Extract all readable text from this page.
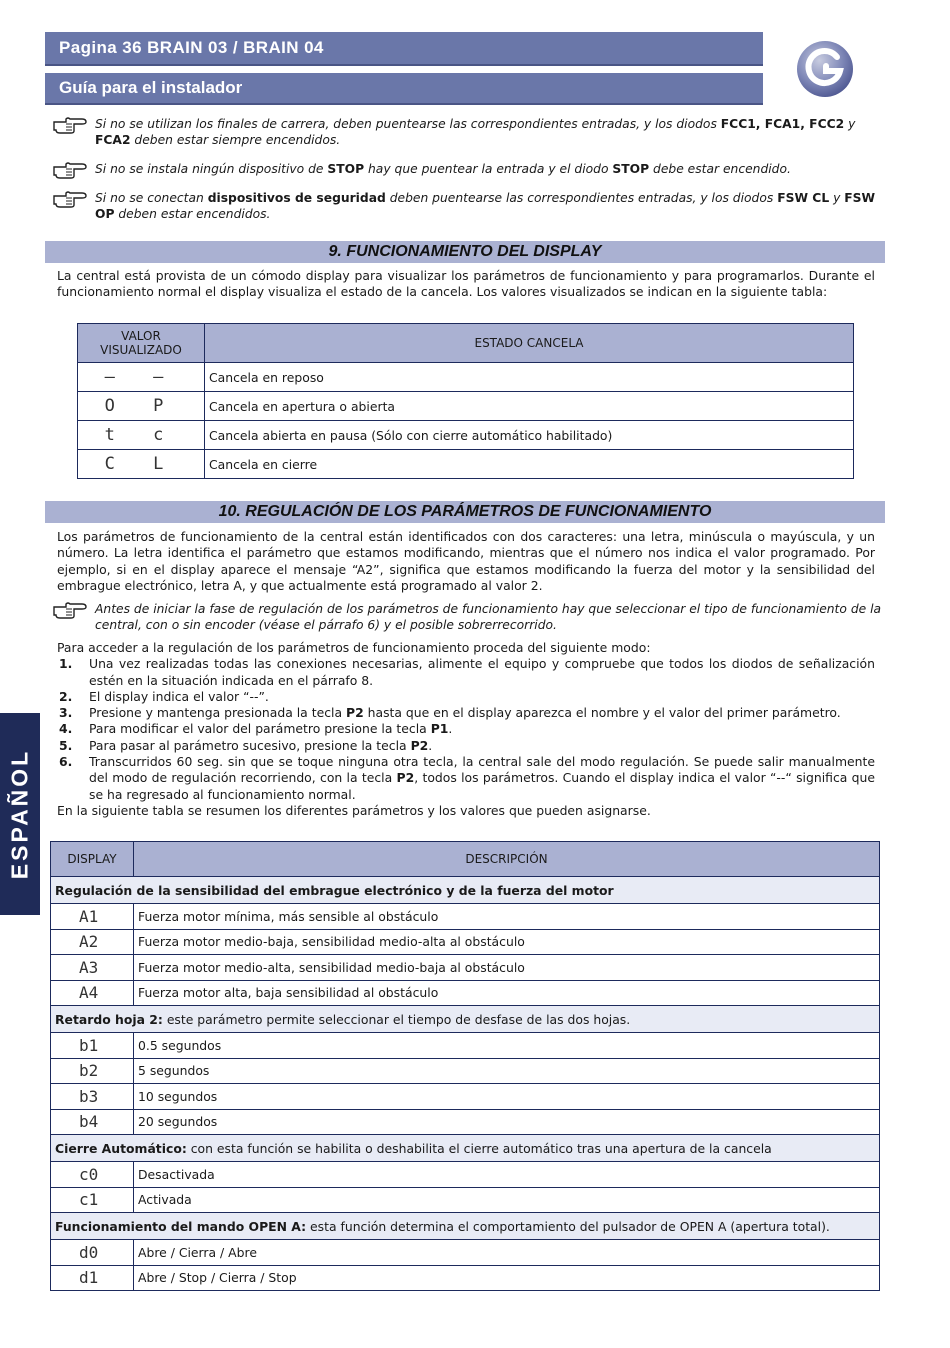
Pagina 36 BRAIN 03 / BRAIN 04
Guía para el instalador
Si no se utilizan los finales de carrera, deben puentearse las correspondientes entradas, y los diodos FCC1, FCA1, FCC2 y FCA2 deben estar siempre encendidos.
Si no se instala ningún dispositivo de STOP hay que puentear la entrada y el diodo STOP debe estar encendido.
Si no se conectan dispositivos de seguridad deben puentearse las correspondientes entradas, y los diodos FSW CL y FSW OP deben estar encendidos.
9. FUNCIONAMIENTO DEL DISPLAY
La central está provista de un cómodo display para visualizar los parámetros de funcionamiento y para programarlos. Durante el funcionamiento normal el display visualiza el estado de la cancela. Los valores visualizados se indican en la siguiente tabla:
VALOR VISUALIZADO	ESTADO CANCELA
– –	Cancela en reposo
O P	Cancela en apertura o abierta
t c	Cancela abierta en pausa (Sólo con cierre automático habilitado)
C L	Cancela en cierre
10. REGULACIÓN DE LOS PARÁMETROS DE FUNCIONAMIENTO
Los parámetros de funcionamiento de la central están identificados con dos caracteres: una letra, minúscula o mayúscula, y un número. La letra identifica el parámetro que estamos modificando, mientras que el número nos indica el valor programado. Por ejemplo, si en el display aparece el mensaje “A2”, significa que estamos modificando la fuerza del motor y la sensibilidad del embrague electrónico, letra A, y que actualmente está programado al valor 2.
Antes de iniciar la fase de regulación de los parámetros de funcionamiento hay que seleccionar el tipo de funcionamiento de la central, con o sin encoder (véase el párrafo 6) y el posible sobrerrecorrido.
Para acceder a la regulación de los parámetros de funcionamiento proceda del siguiente modo:
1. Una vez realizadas todas las conexiones necesarias, alimente el equipo y compruebe que todos los diodos de señalización estén en la situación indicada en el párrafo 8.
2. El display indica el valor “--”.
3. Presione y mantenga presionada la tecla P2 hasta que en el display aparezca el nombre y el valor del primer parámetro.
4. Para modificar el valor del parámetro presione la tecla P1.
5. Para pasar al parámetro sucesivo, presione la tecla P2.
6. Transcurridos 60 seg. sin que se toque ninguna otra tecla, la central sale del modo regulación. Se puede salir manualmente del modo de regulación recorriendo, con la tecla P2, todos los parámetros. Cuando el display indica el valor “--“ significa que se ha regresado al funcionamiento normal.
En la siguiente tabla se resumen los diferentes parámetros y los valores que pueden asignarse.
DISPLAY	DESCRIPCIÓN
Regulación de la sensibilidad del embrague electrónico y de la fuerza del motor	
A1	Fuerza motor mínima, más sensible al obstáculo
A2	Fuerza motor medio-baja, sensibilidad medio-alta al obstáculo
A3	Fuerza motor medio-alta, sensibilidad medio-baja al obstáculo
A4	Fuerza motor alta, baja sensibilidad al obstáculo
Retardo hoja 2: este parámetro permite seleccionar el tiempo de desfase de las dos hojas.	
b1	0.5 segundos
b2	5 segundos
b3	10 segundos
b4	20 segundos
Cierre Automático: con esta función se habilita o deshabilita el cierre automático tras una apertura de la cancela	
c0	Desactivada
c1	Activada
Funcionamiento del mando OPEN A: esta función determina el comportamiento del pulsador de OPEN A (apertura total).	
d0	Abre / Cierra / Abre
d1	Abre / Stop / Cierra / Stop
ESPAÑOL
